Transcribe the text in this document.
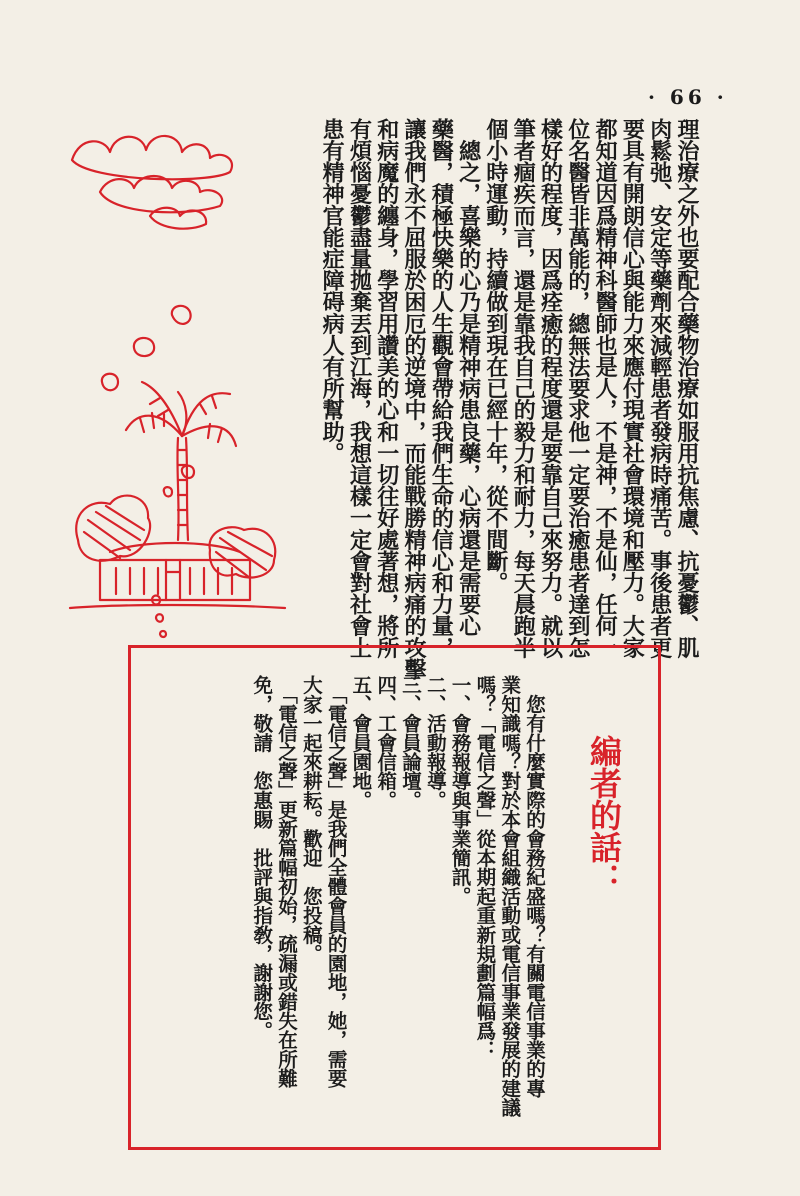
· 66 ·
理治療之外也要配合藥物治療如服用抗焦慮、抗憂鬱、肌
肉鬆弛、安定等藥劑來減輕患者發病時痛苦。事後患者更
要具有開朗信心與能力來應付現實社會環境和壓力。大家
都知道因爲精神科醫師也是人，不是神，不是仙，任何一
位名醫皆非萬能的，總無法要求他一定要治癒患者達到怎
樣好的程度，因爲痊癒的程度還是要靠自己來努力。就以
筆者痼疾而言，還是靠我自己的毅力和耐力，每天晨跑半
個小時運動，持續做到現在已經十年，從不間斷。
　總之，喜樂的心乃是精神病患良藥，心病還是需要心
藥醫，積極快樂的人生觀會帶給我們生命的信心和力量，
讓我們永不屈服於困厄的逆境中，而能戰勝精神病痛的攻擊
和病魔的纏身，學習用讚美的心和一切往好處著想，將所
有煩惱憂鬱盡量拋棄丟到江海，我想這樣一定會對社會上
患有精神官能症障碍病人有所幫助。
編者的話：
　您有什麼實際的會務紀盛嗎？有關電信事業的專
業知識嗎？對於本會組織活動或電信事業發展的建議
嗎？「電信之聲」從本期起重新規劃篇幅爲：
一、會務報導與事業簡訊。
二、活動報導。
三、會員論壇。
四、工會信箱。
五、會員園地。
　「電信之聲」是我們全體會員的園地，她，需要
大家一起來耕耘。歡迎　您投稿。
　「電信之聲」更新篇幅初始，疏漏或錯失在所難
免，敬請　您惠賜　批評與指敎，謝謝您。
